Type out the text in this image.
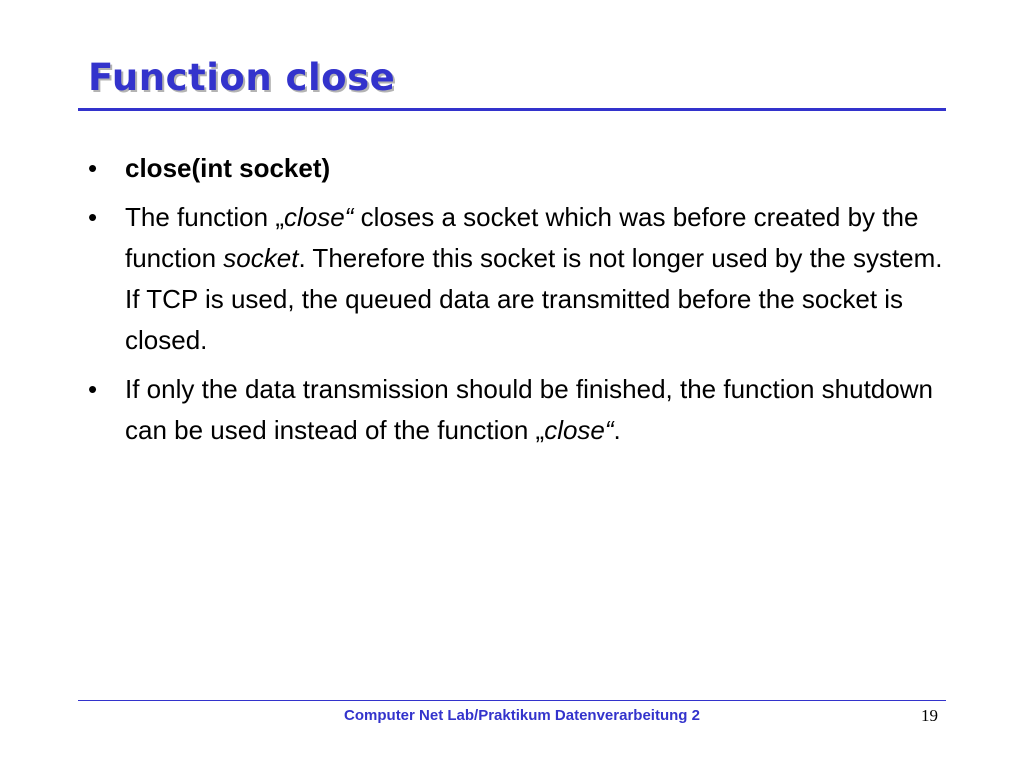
Function close
•	close(int socket)
•	The function „close“ closes a socket which was before created by the function socket. Therefore this socket is not longer used by the system. If TCP is used, the queued data are transmitted before the socket is closed.
•	If only the data transmission should be finished, the function shutdown can be used instead of the function „close“.
Computer Net Lab/Praktikum Datenverarbeitung 2	19
